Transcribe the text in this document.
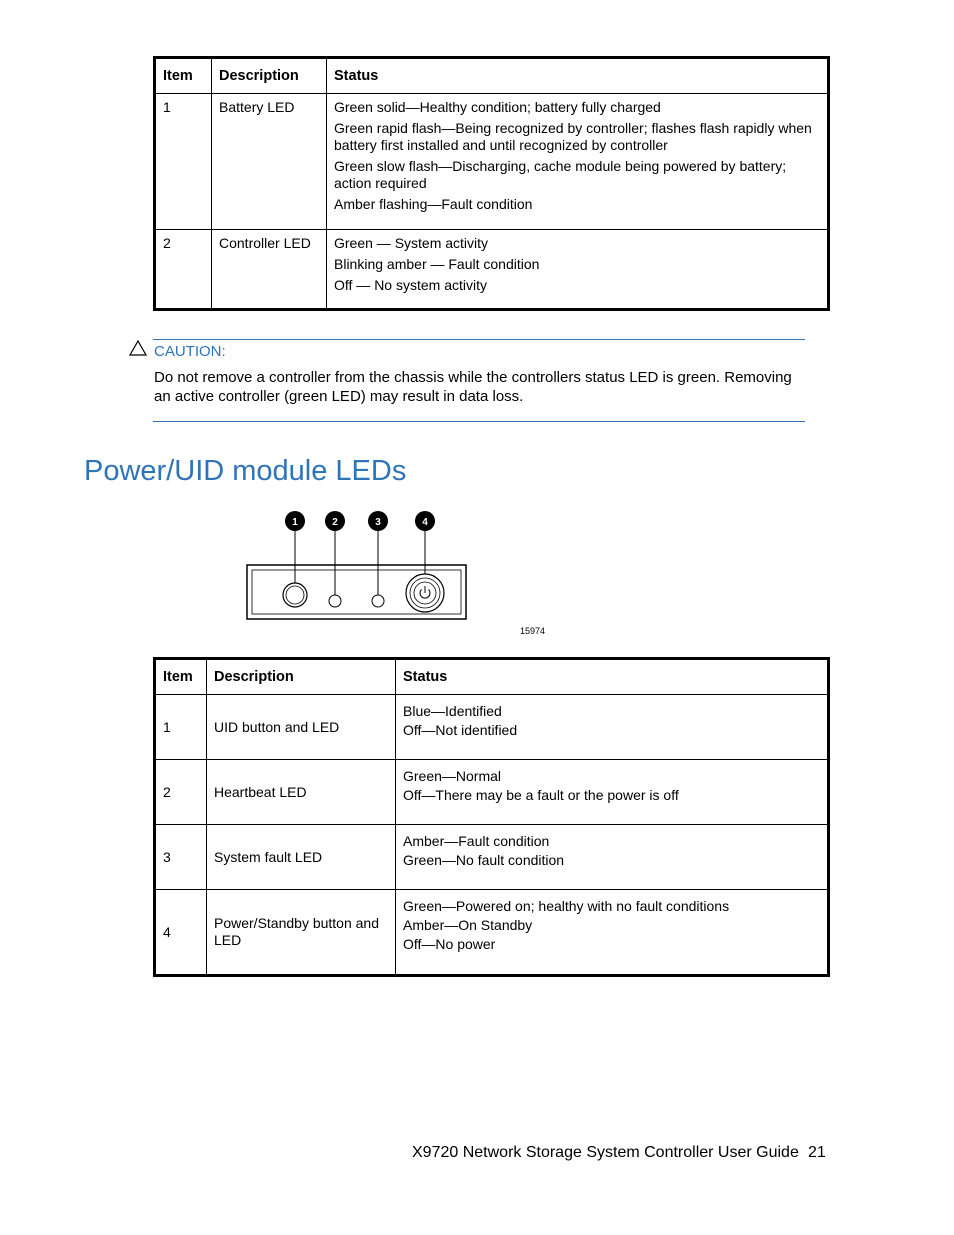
Item	Description	Status
1	Battery LED	Green solid—Healthy condition; battery fully charged
Green rapid flash—Being recognized by controller; flashes flash rapidly when battery first installed and until recognized by controller
Green slow flash—Discharging, cache module being powered by battery; action required
Amber flashing—Fault condition

2	Controller LED	Green — System activity
Blinking amber — Fault condition
Off — No system activity
CAUTION:
Do not remove a controller from the chassis while the controllers status LED is green. Removing an active controller (green LED) may result in data loss.
Power/UID module LEDs
1	2	3	4
15974
Item	Description	Status
1	UID button and LED	Blue—Identified
Off—Not identified

2	Heartbeat LED	Green—Normal
Off—There may be a fault or the power is off

3	System fault LED	Amber—Fault condition
Green—No fault condition

4	Power/Standby button and LED	Green—Powered on; healthy with no fault conditions
Amber—On Standby
Off—No power
X9720 Network Storage System Controller User Guide 21
